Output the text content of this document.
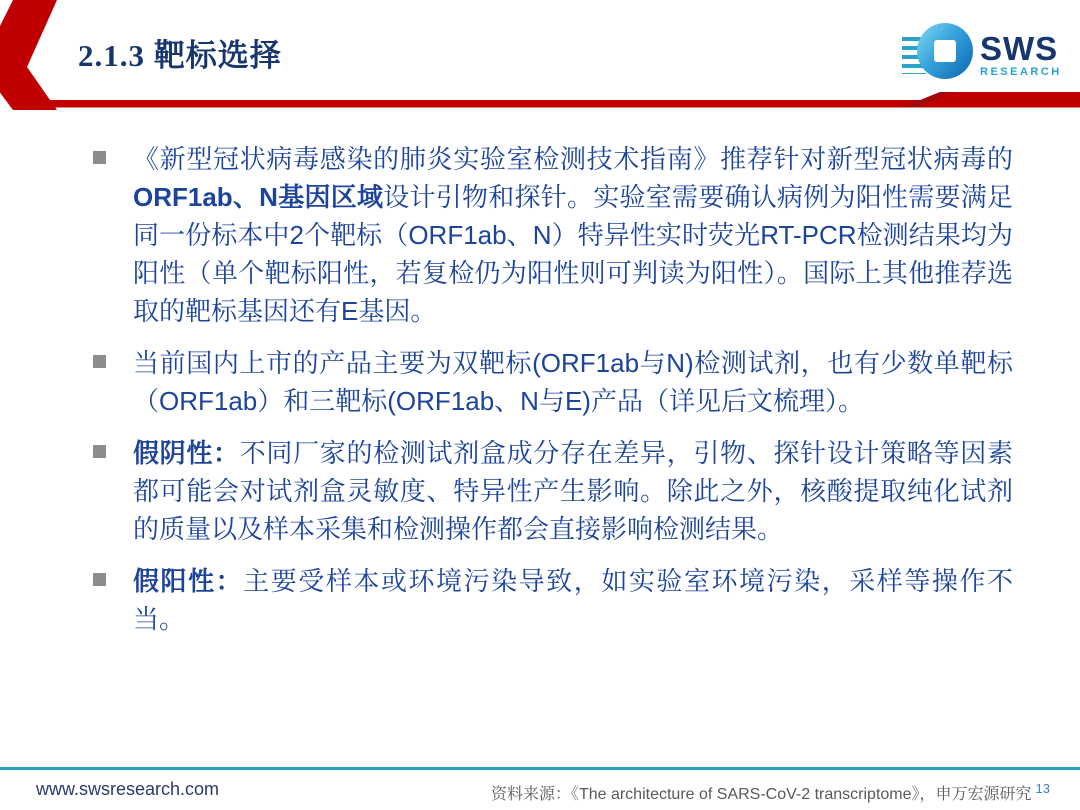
2.1.3 靶标选择	SWS
RESEARCH
《新型冠状病毒感染的肺炎实验室检测技术指南》推荐针对新型冠状病毒的ORF1ab、N基因区域设计引物和探针。实验室需要确认病例为阳性需要满足同一份标本中2个靶标（ORF1ab、N）特异性实时荧光RT-PCR检测结果均为阳性（单个靶标阳性，若复检仍为阳性则可判读为阳性）。国际上其他推荐选取的靶标基因还有E基因。
当前国内上市的产品主要为双靶标(ORF1ab与N)检测试剂，也有少数单靶标（ORF1ab）和三靶标(ORF1ab、N与E)产品（详见后文梳理）。
假阴性：不同厂家的检测试剂盒成分存在差异，引物、探针设计策略等因素都可能会对试剂盒灵敏度、特异性产生影响。除此之外，核酸提取纯化试剂的质量以及样本采集和检测操作都会直接影响检测结果。
假阳性：主要受样本或环境污染导致，如实验室环境污染，采样等操作不当。
www.swsresearch.com	资料来源：《The architecture of SARS-CoV-2 transcriptome》，申万宏源研究 $^{13}$
